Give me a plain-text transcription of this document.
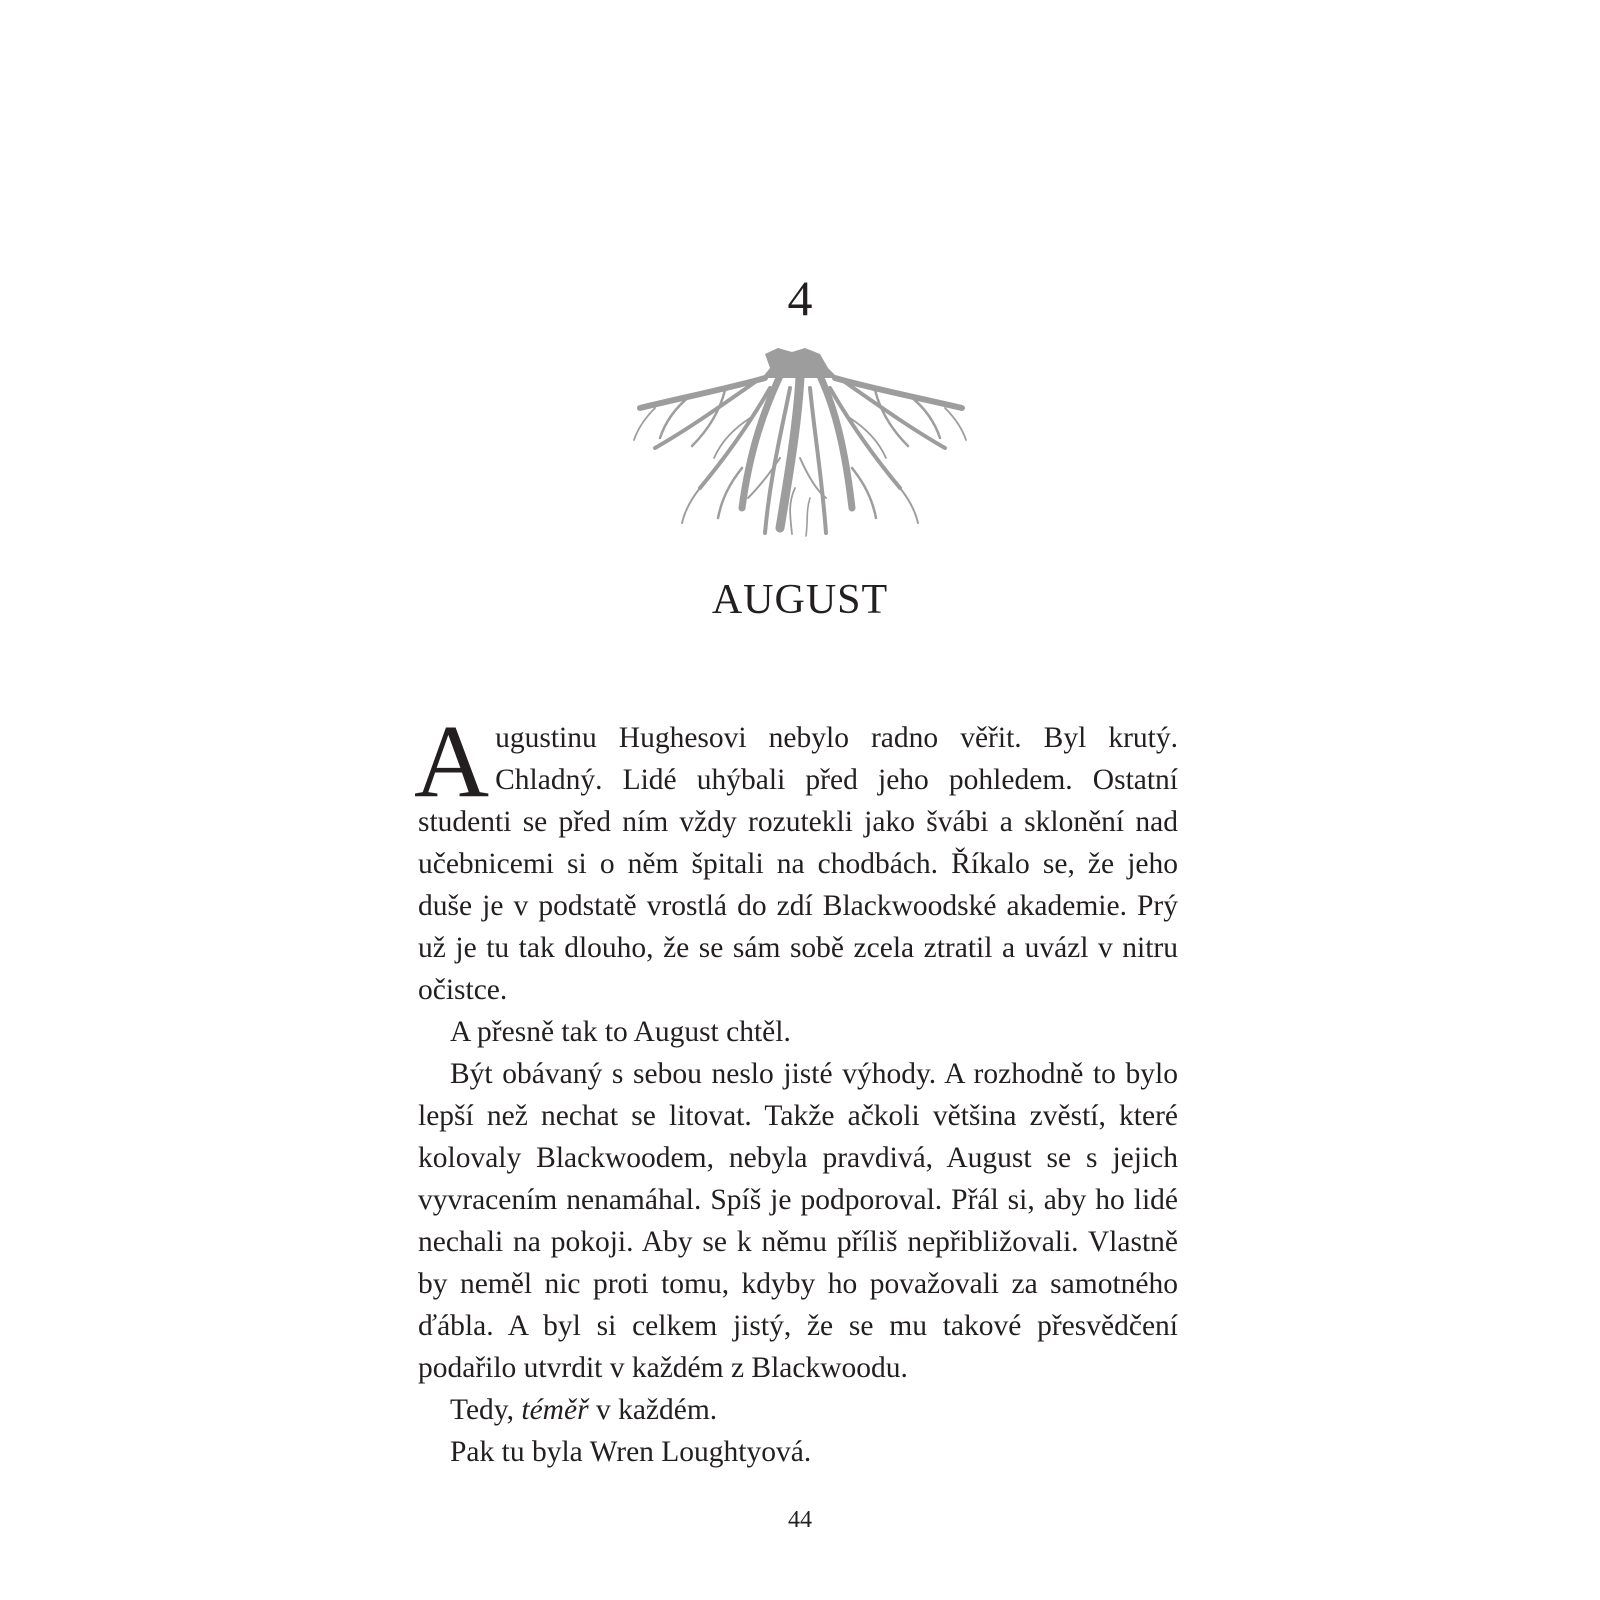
4
AUGUST

Augustinu Hughesovi nebylo radno věřit. Byl krutý. Chladný. Lidé uhýbali před jeho pohledem. Ostatní studenti se před ním vždy rozutekli jako švábi a sklonění nad učebnicemi si o něm špitali na chodbách. Říkalo se, že jeho duše je v podstatě vrostlá do zdí Blackwoodské akademie. Prý už je tu tak dlouho, že se sám sobě zcela ztratil a uvázl v nitru očistce.

A přesně tak to August chtěl.

Být obávaný s sebou neslo jisté výhody. A rozhodně to bylo lepší než nechat se litovat. Takže ačkoli většina zvěstí, které kolovaly Blackwoodem, nebyla pravdivá, August se s jejich vyvracením nenamáhal. Spíš je podporoval. Přál si, aby ho lidé nechali na pokoji. Aby se k němu příliš nepřibližovali. Vlastně by neměl nic proti tomu, kdyby ho považovali za samotného ďábla. A byl si celkem jistý, že se mu takové přesvědčení podařilo utvrdit v každém z Blackwoodu.

Tedy, téměř v každém.

Pak tu byla Wren Loughtyová.

44
